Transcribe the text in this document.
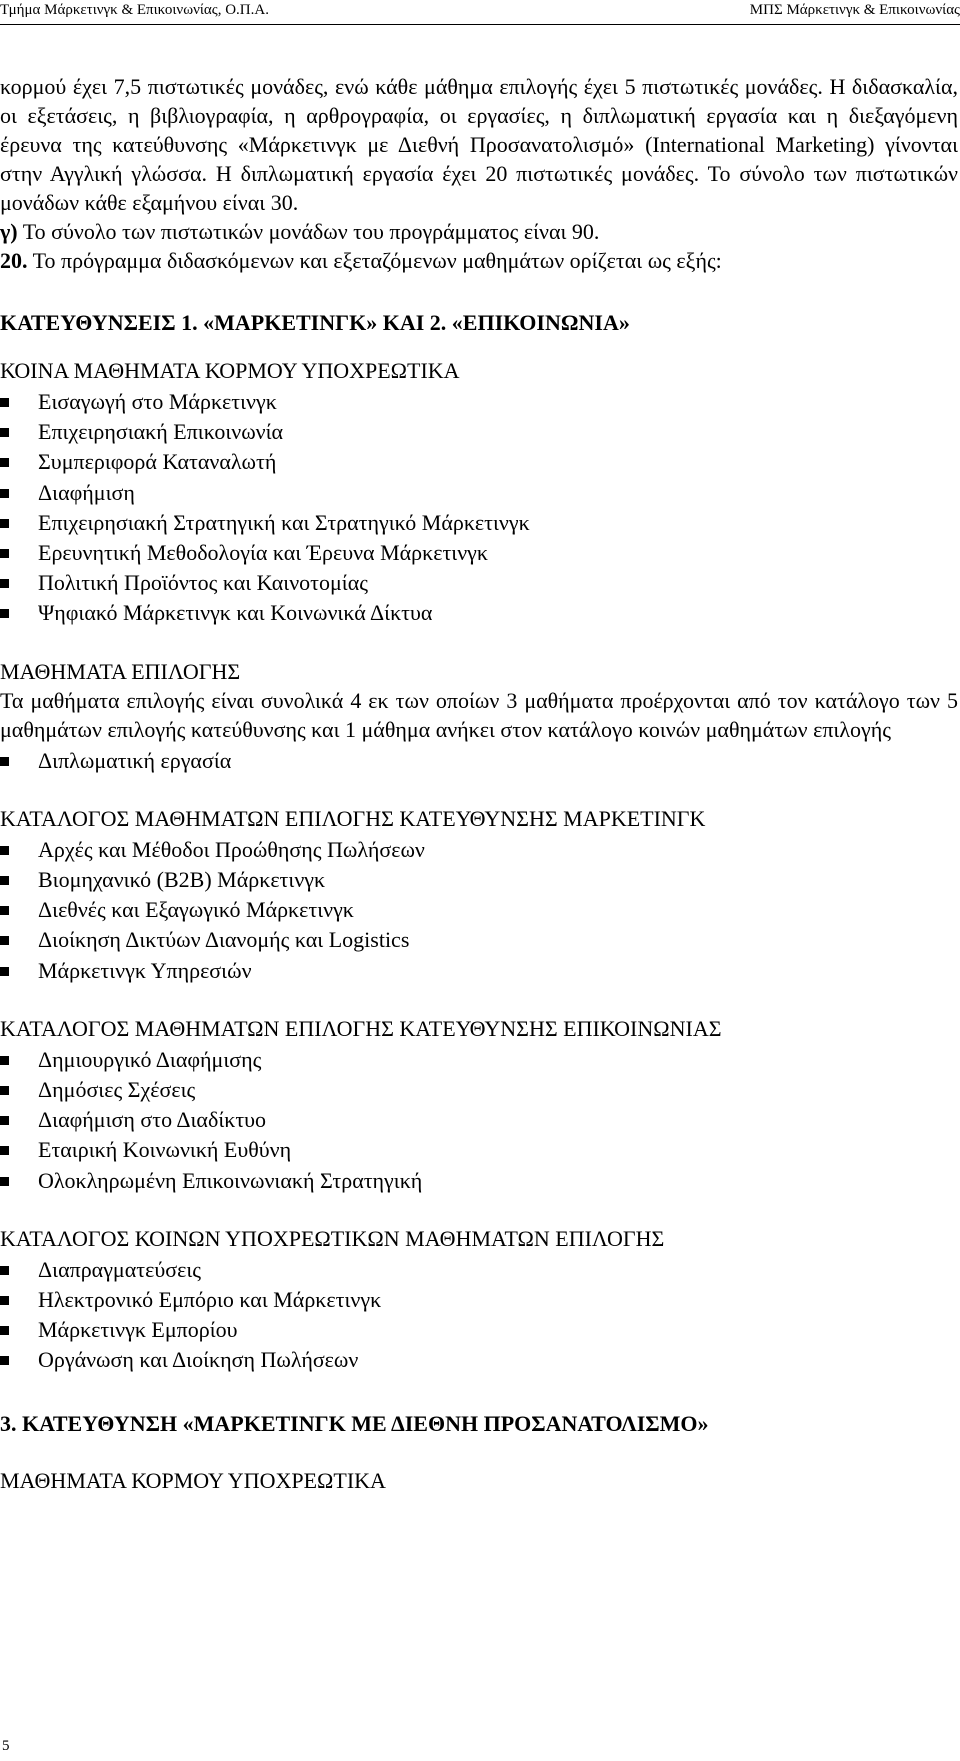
Τμήμα Μάρκετινγκ & Επικοινωνίας, Ο.Π.Α.	ΜΠΣ Μάρκετινγκ & Επικοινωνίας

κορμού έχει 7,5 πιστωτικές μονάδες, ενώ κάθε μάθημα επιλογής έχει 5 πιστωτικές μονάδες. Η διδασκαλία, οι εξετάσεις, η βιβλιογραφία, η αρθρογραφία, οι εργασίες, η διπλωματική εργασία και η διεξαγόμενη έρευνα της κατεύθυνσης «Μάρκετινγκ με Διεθνή Προσανατολισμό» (International Marketing) γίνονται στην Αγγλική γλώσσα. Η διπλωματική εργασία έχει 20 πιστωτικές μονάδες. Το σύνολο των πιστωτικών μονάδων κάθε εξαμήνου είναι 30.

γ) Το σύνολο των πιστωτικών μονάδων του προγράμματος είναι 90.

20. Το πρόγραμμα διδασκόμενων και εξεταζόμενων μαθημάτων ορίζεται ως εξής:

ΚΑΤΕΥΘΥΝΣΕΙΣ 1. «ΜΑΡΚΕΤΙΝΓΚ» ΚΑΙ 2. «ΕΠΙΚΟΙΝΩΝΙΑ»

ΚΟΙΝΑ ΜΑΘΗΜΑΤΑ ΚΟΡΜΟΥ ΥΠΟΧΡΕΩΤΙΚΑ

Εισαγωγή στο Μάρκετινγκ
Επιχειρησιακή Επικοινωνία
Συμπεριφορά Καταναλωτή
Διαφήμιση
Επιχειρησιακή Στρατηγική και Στρατηγικό Μάρκετινγκ
Ερευνητική Μεθοδολογία και Έρευνα Μάρκετινγκ
Πολιτική Προϊόντος και Καινοτομίας
Ψηφιακό Μάρκετινγκ και Κοινωνικά Δίκτυα

ΜΑΘΗΜΑΤΑ ΕΠΙΛΟΓΗΣ

Τα μαθήματα επιλογής είναι συνολικά 4 εκ των οποίων 3 μαθήματα προέρχονται από τον κατάλογο των 5 μαθημάτων επιλογής κατεύθυνσης και 1 μάθημα ανήκει στον κατάλογο κοινών μαθημάτων επιλογής

Διπλωματική εργασία

ΚΑΤΑΛΟΓΟΣ ΜΑΘΗΜΑΤΩΝ ΕΠΙΛΟΓΗΣ ΚΑΤΕΥΘΥΝΣΗΣ ΜΑΡΚΕΤΙΝΓΚ

Αρχές και Μέθοδοι Προώθησης Πωλήσεων
Βιομηχανικό (B2B) Μάρκετινγκ
Διεθνές και Εξαγωγικό Μάρκετινγκ
Διοίκηση Δικτύων Διανομής και Logistics
Μάρκετινγκ Υπηρεσιών

ΚΑΤΑΛΟΓΟΣ ΜΑΘΗΜΑΤΩΝ ΕΠΙΛΟΓΗΣ ΚΑΤΕΥΘΥΝΣΗΣ ΕΠΙΚΟΙΝΩΝΙΑΣ

Δημιουργικό Διαφήμισης
Δημόσιες Σχέσεις
Διαφήμιση στο Διαδίκτυο
Εταιρική Κοινωνική Ευθύνη
Ολοκληρωμένη Επικοινωνιακή Στρατηγική

ΚΑΤΑΛΟΓΟΣ ΚΟΙΝΩΝ ΥΠΟΧΡΕΩΤΙΚΩΝ ΜΑΘΗΜΑΤΩΝ ΕΠΙΛΟΓΗΣ

Διαπραγματεύσεις
Ηλεκτρονικό Εμπόριο και Μάρκετινγκ
Μάρκετινγκ Εμπορίου
Οργάνωση και Διοίκηση Πωλήσεων

3. ΚΑΤΕΥΘΥΝΣΗ «ΜΑΡΚΕΤΙΝΓΚ ΜΕ ΔΙΕΘΝΗ ΠΡΟΣΑΝΑΤΟΛΙΣΜΟ»

ΜΑΘΗΜΑΤΑ ΚΟΡΜΟΥ ΥΠΟΧΡΕΩΤΙΚΑ

5
